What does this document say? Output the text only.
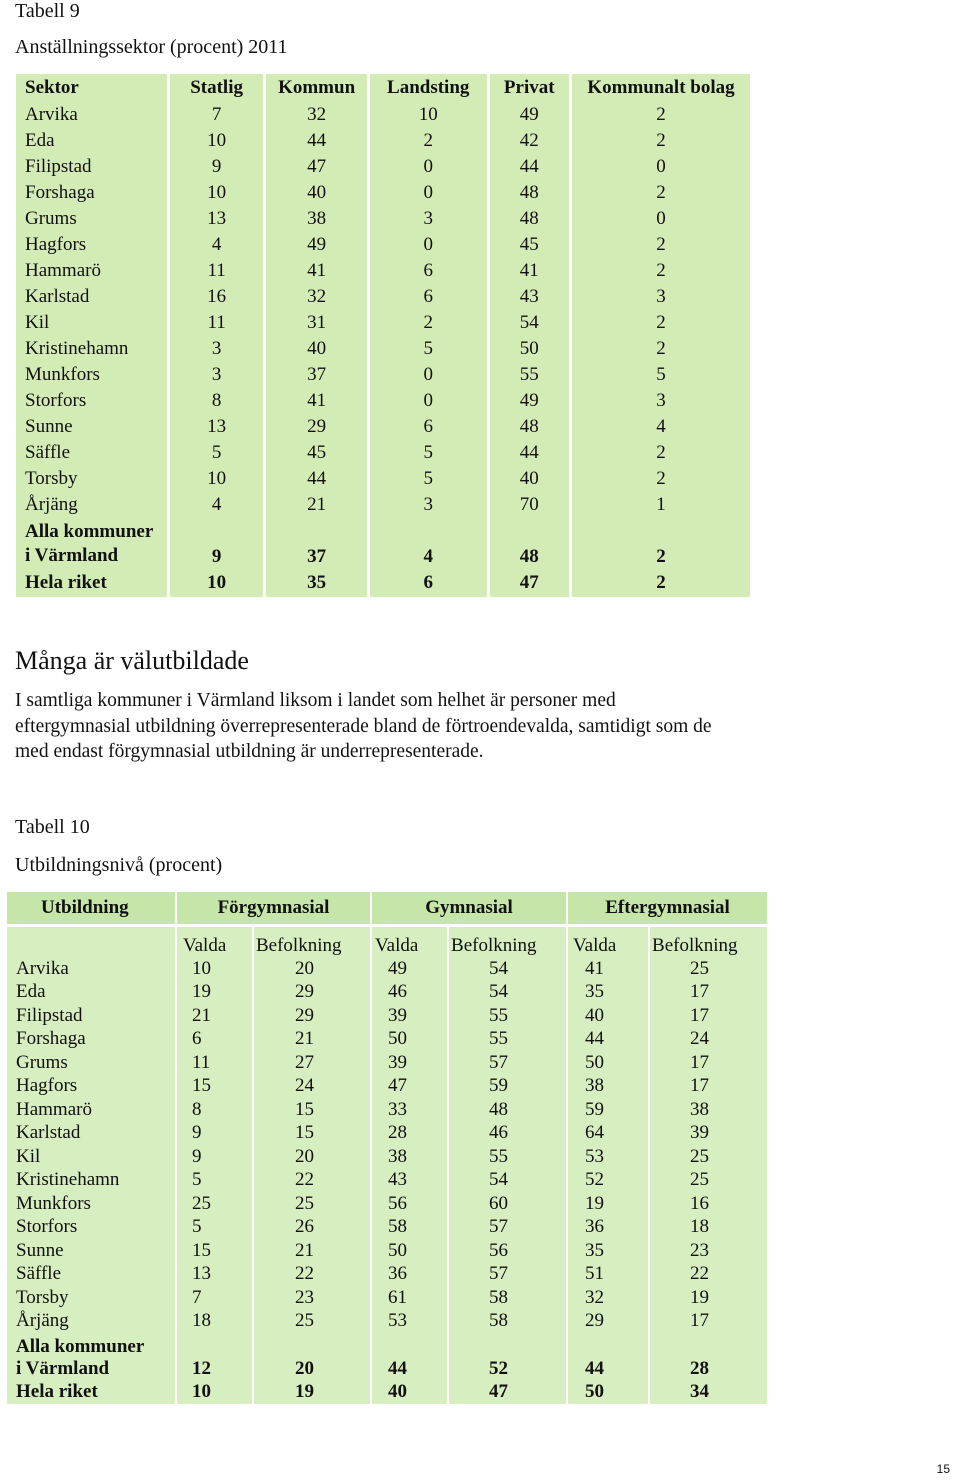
Tabell 9

Anställningssektor (procent) 2011

Sektor	Statlig	Kommun	Landsting	Privat	Kommunalt bolag
Arvika	7	32	10	49	2
Eda	10	44	2	42	2
Filipstad	9	47	0	44	0
Forshaga	10	40	0	48	2
Grums	13	38	3	48	0
Hagfors	4	49	0	45	2
Hammarö	11	41	6	41	2
Karlstad	16	32	6	43	3
Kil	11	31	2	54	2
Kristinehamn	3	40	5	50	2
Munkfors	3	37	0	55	5
Storfors	8	41	0	49	3
Sunne	13	29	6	48	4
Säffle	5	45	5	44	2
Torsby	10	44	5	40	2
Årjäng	4	21	3	70	1

Alla kommuner
i Värmland	9	37	4	48	2

Hela riket	10	35	6	47	2
Många är välutbildade

I samtliga kommuner i Värmland liksom i landet som helhet är personer med eftergymnasial utbildning överrepresenterade bland de förtroendevalda, samtidigt som de med endast förgymnasial utbildning är underrepresenterade.

Tabell 10

Utbildningsnivå (procent)

Utbildning	Förgymnasial		Gymnasial		Eftergymnasial	

	Valda	Befolkning	Valda	Befolkning	Valda	Befolkning
Arvika	10	20	49	54	41	25
Eda	19	29	46	54	35	17
Filipstad	21	29	39	55	40	17
Forshaga	6	21	50	55	44	24
Grums	11	27	39	57	50	17
Hagfors	15	24	47	59	38	17
Hammarö	8	15	33	48	59	38
Karlstad	9	15	28	46	64	39
Kil	9	20	38	55	53	25
Kristinehamn	5	22	43	54	52	25
Munkfors	25	25	56	60	19	16
Storfors	5	26	58	57	36	18
Sunne	15	21	50	56	35	23
Säffle	13	22	36	57	51	22
Torsby	7	23	61	58	32	19
Årjäng	18	25	53	58	29	17

Alla kommuner
i Värmland	12	20	44	52	44	28

Hela riket	10	19	40	47	50	34
15
